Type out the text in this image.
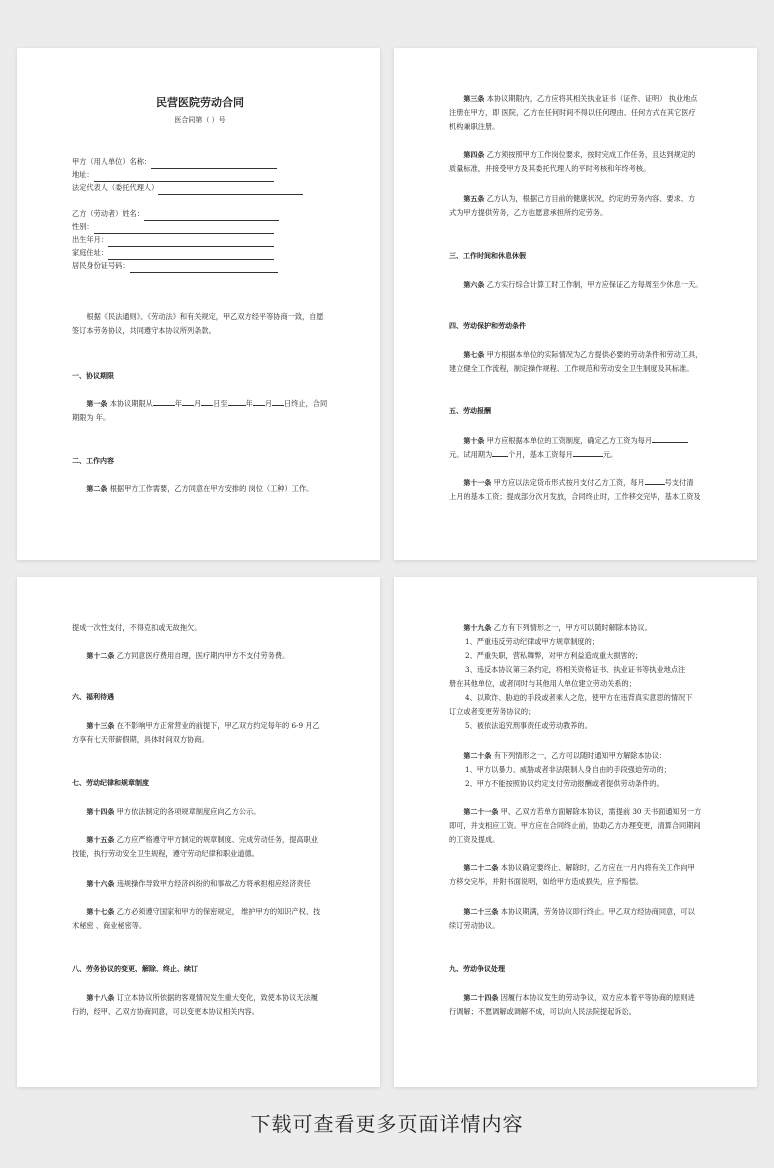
民营医院劳动合同
医合同第（ ）号
甲方（用人单位）名称：
地址：
法定代表人（委托代理人）
乙方（劳动者）姓名：
性别：
出生年月：
家庭住址：
居民身份证号码：
根据《民法通则》、《劳动法》和有关规定，甲乙双方经平等协商一致，自愿
签订本劳务协议，共同遵守本协议所列条款。
一、协议期限
第一条 本协议期限从	年 月 日至	年 月 日终止，合同
期限为 年。
二、工作内容
第二条 根据甲方工作需要，乙方同意在甲方安排的 岗位（工种）工作。
第三条 本协议期限内，乙方应将其相关执业证书（证件、证明） 执业地点
注册在甲方，即 医院，乙方在任何时间不得以任何理由、任何方式在其它医疗
机构兼职注册。
第四条 乙方须按照甲方工作岗位要求，按时完成工作任务，且达到规定的
质量标准，并接受甲方及其委托代理人的平时考核和年终考核。
第五条 乙方认为，根据己方目前的健康状况，约定的劳务内容、要求、方
式为甲方提供劳务，乙方也愿意承担所约定劳务。
三、工作时间和休息休假
第六条 乙方实行综合计算工时工作制，甲方应保证乙方每周至少休息一天。
四、劳动保护和劳动条件
第七条 甲方根据本单位的实际情况为乙方提供必要的劳动条件和劳动工具，
建立健全工作流程，制定操作规程、工作规范和劳动安全卫生制度及其标准。
五、劳动报酬
第十条 甲方应根据本单位的工资制度，确定乙方工资为每月
元。试用期为 个月，基本工资每月	元。
第十一条 甲方应以法定货币形式按月支付乙方工资，每月	号支付清
上月的基本工资；提成部分次月发放，合同终止时，工作移交完毕，基本工资及
提成一次性支付，不得克扣或无故拖欠。
第十二条 乙方同意医疗费用自理，医疗期内甲方不支付劳务费。
六、福利待遇
第十三条 在不影响甲方正常营业的前提下，甲乙双方约定每年的 6-9 月乙
方享有七天带薪假期，具体时间双方协商。
七、劳动纪律和规章制度
第十四条 甲方依法制定的各项规章制度应向乙方公示。
第十五条 乙方应严格遵守甲方制定的规章制度、完成劳动任务，提高职业
技能，执行劳动安全卫生规程，遵守劳动纪律和职业道德。
第十六条 违规操作导致甲方经济纠纷的和事故乙方将承担相应经济责任
第十七条 乙方必须遵守国家和甲方的保密规定， 维护甲方的知识产权、技
术秘密 、商业秘密等。
八、劳务协议的变更、解除、终止、续订
第十八条 订立本协议所依据的客观情况发生重大变化，致使本协议无法履
行的，经甲、乙双方协商同意，可以变更本协议相关内容。
第十九条 乙方有下列情形之一，甲方可以随时解除本协议。
1、严重违反劳动纪律或甲方规章制度的；
2、严重失职，营私舞弊，对甲方利益造成重大损害的；
3、违反本协议第三条约定，将相关资格证书、执业证书等执业地点注
册在其他单位，或者同时与其他用人单位建立劳动关系的；
4、以欺诈、胁迫的手段或者乘人之危，使甲方在违背真实意思的情况下
订立或者变更劳务协议的；
5、被依法追究刑事责任或劳动教养的。
第二十条 有下列情形之一，乙方可以随时通知甲方解除本协议：
1、甲方以暴力、威胁或者非法限制人身自由的手段强迫劳动的；
2、甲方不能按照协议约定支付劳动报酬或者提供劳动条件的。
第二十一条 甲、乙双方若单方面解除本协议，需提前 30 天书面通知另一方
即可，并支相应工资。甲方应在合同终止前，协助乙方办理变更，清算合同期间
的工资及提成。
第二十二条 本协议确定要终止、解除时，乙方应在一月内将有关工作向甲
方移交完毕，并附书面说明，如给甲方造成损失，应予赔偿。
第二十三条 本协议期满，劳务协议即行终止。甲乙双方经协商同意，可以
续订劳动协议。
九、劳动争议处理
第二十四条 因履行本协议发生的劳动争议，双方应本着平等协商的原则进
行调解；不愿调解或调解不成，可以向人民法院提起诉讼。
下载可查看更多页面详情内容
